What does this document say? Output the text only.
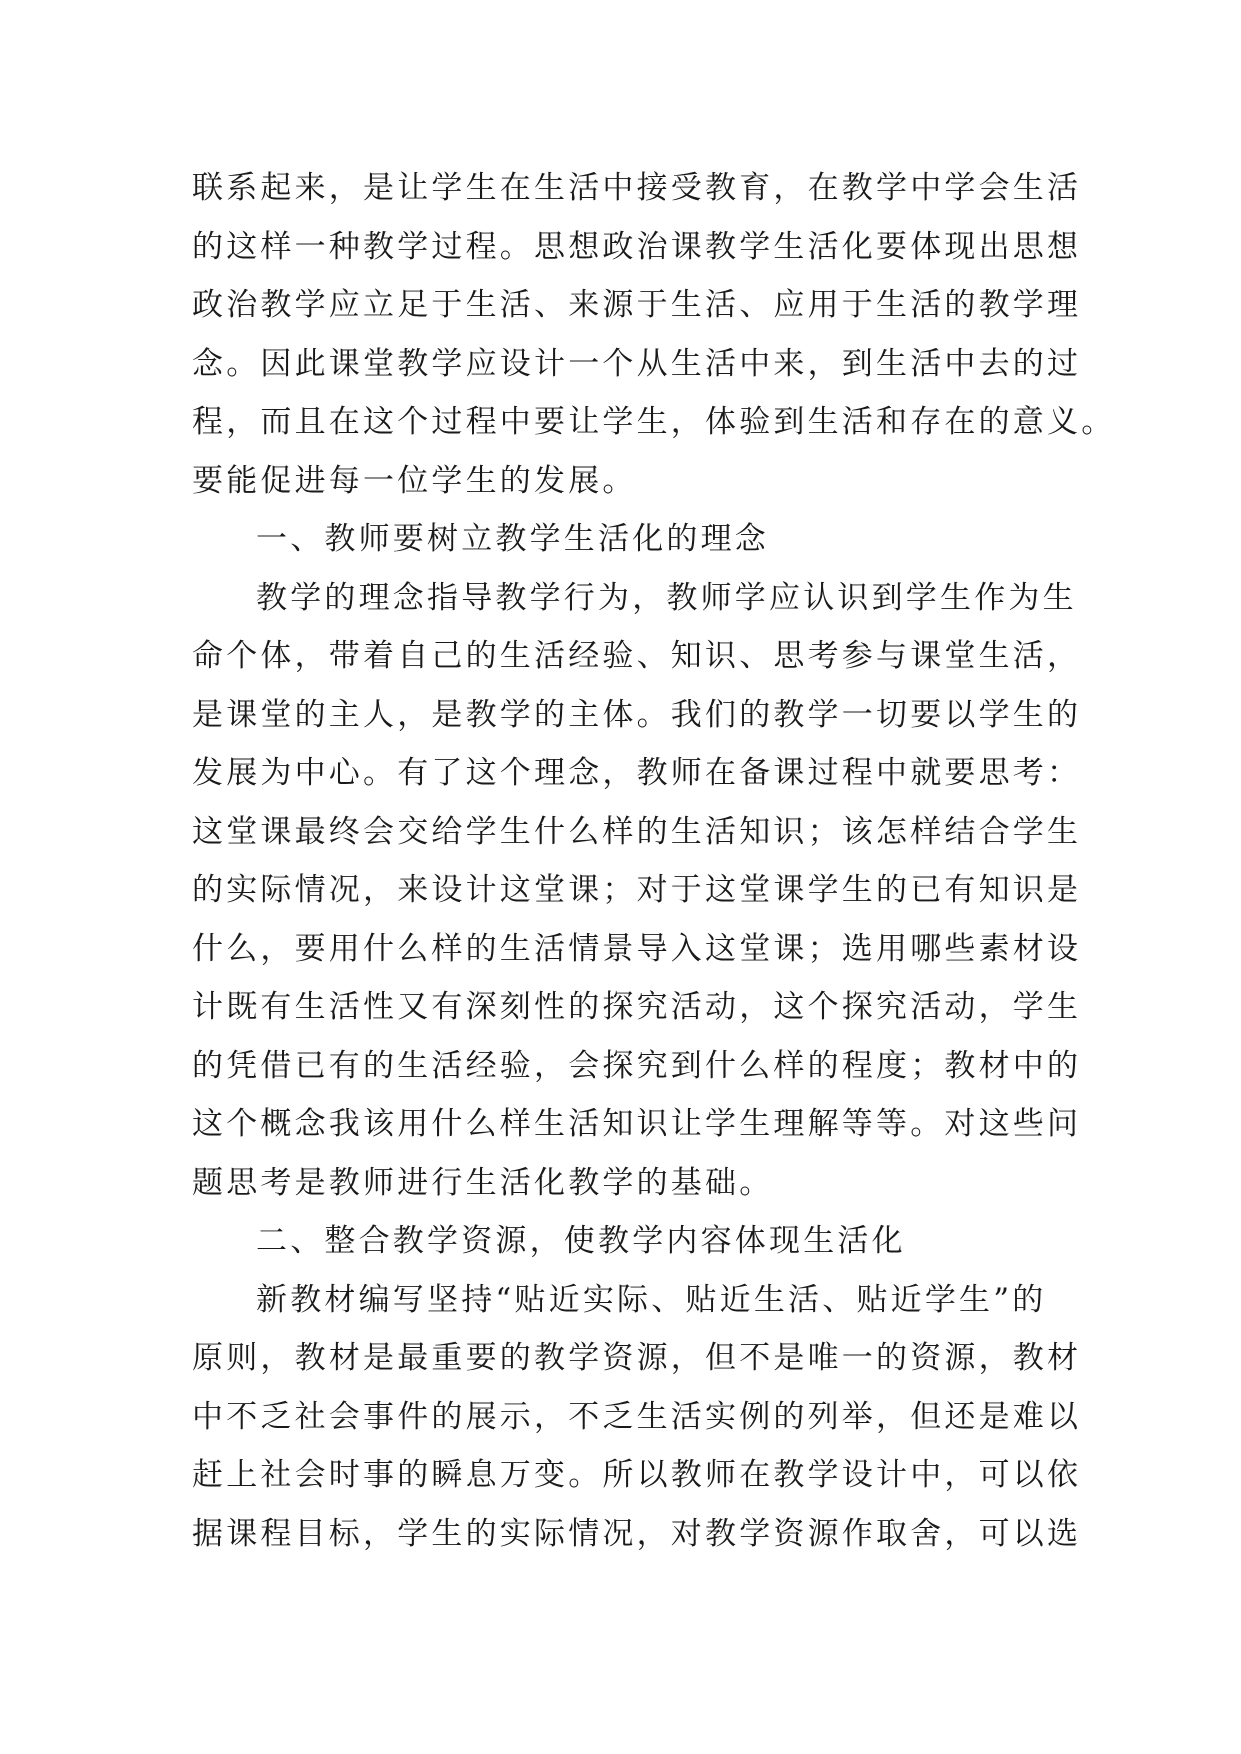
联系起来，是让学生在生活中接受教育，在教学中学会生活
的这样一种教学过程。思想政治课教学生活化要体现出思想
政治教学应立足于生活、来源于生活、应用于生活的教学理
念。因此课堂教学应设计一个从生活中来，到生活中去的过
程，而且在这个过程中要让学生，体验到生活和存在的意义。
要能促进每一位学生的发展。
一、教师要树立教学生活化的理念
教学的理念指导教学行为，教师学应认识到学生作为生
命个体，带着自己的生活经验、知识、思考参与课堂生活，
是课堂的主人，是教学的主体。我们的教学一切要以学生的
发展为中心。有了这个理念，教师在备课过程中就要思考：
这堂课最终会交给学生什么样的生活知识；该怎样结合学生
的实际情况，来设计这堂课；对于这堂课学生的已有知识是
什么，要用什么样的生活情景导入这堂课；选用哪些素材设
计既有生活性又有深刻性的探究活动，这个探究活动，学生
的凭借已有的生活经验，会探究到什么样的程度；教材中的
这个概念我该用什么样生活知识让学生理解等等。对这些问
题思考是教师进行生活化教学的基础。
二、整合教学资源，使教学内容体现生活化
新教材编写坚持“贴近实际、贴近生活、贴近学生”的
原则，教材是最重要的教学资源，但不是唯一的资源，教材
中不乏社会事件的展示，不乏生活实例的列举，但还是难以
赶上社会时事的瞬息万变。所以教师在教学设计中，可以依
据课程目标，学生的实际情况，对教学资源作取舍，可以选
